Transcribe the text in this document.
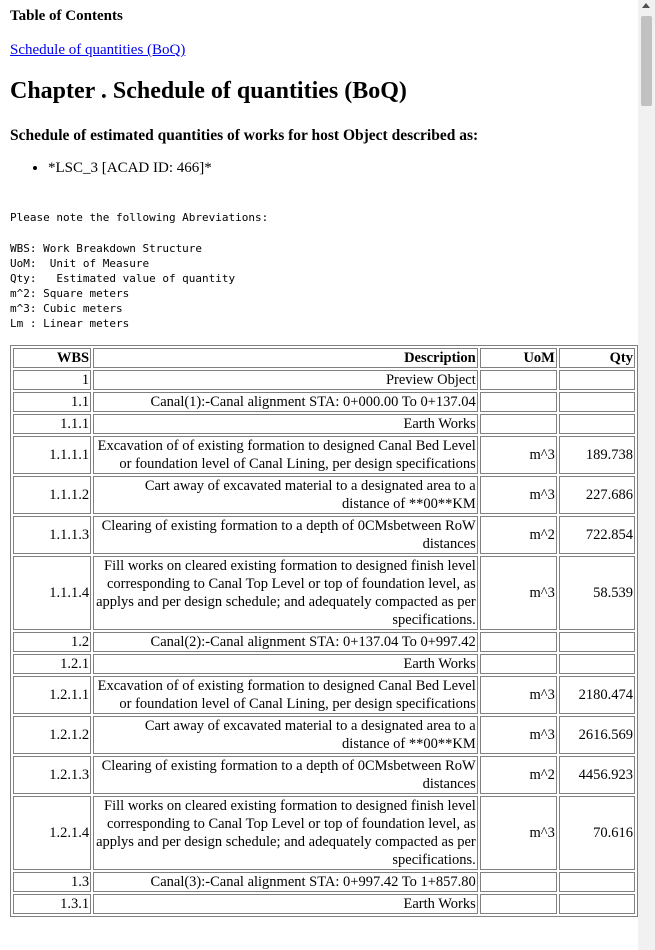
Table of Contents
Schedule of quantities (BoQ)
Chapter . Schedule of quantities (BoQ)
Schedule of estimated quantities of works for host Object described as:
• *LSC_3 [ACAD ID: 466]*
Please note the following Abreviations:
WBS: Work Breakdown Structure
UoM:  Unit of Measure
Qty:   Estimated value of quantity
m^2: Square meters
m^3: Cubic meters
Lm : Linear meters
WBS	Description	UoM	Qty
1	Preview Object		
1.1	Canal(1):-Canal alignment STA: 0+000.00 To 0+137.04		
1.1.1	Earth Works		
1.1.1.1	Excavation of of existing formation to designed Canal Bed Level or foundation level of Canal Lining, per design specifications	m^3	189.738
1.1.1.2	Cart away of excavated material to a designated area to a distance of **00**KM	m^3	227.686
1.1.1.3	Clearing of existing formation to a depth of 0CMsbetween RoW distances	m^2	722.854
1.1.1.4	Fill works on cleared existing formation to designed finish level corresponding to Canal Top Level or top of foundation level, as applys and per design schedule; and adequately compacted as per specifications.	m^3	58.539
1.2	Canal(2):-Canal alignment STA: 0+137.04 To 0+997.42		
1.2.1	Earth Works		
1.2.1.1	Excavation of of existing formation to designed Canal Bed Level or foundation level of Canal Lining, per design specifications	m^3	2180.474
1.2.1.2	Cart away of excavated material to a designated area to a distance of **00**KM	m^3	2616.569
1.2.1.3	Clearing of existing formation to a depth of 0CMsbetween RoW distances	m^2	4456.923
1.2.1.4	Fill works on cleared existing formation to designed finish level corresponding to Canal Top Level or top of foundation level, as applys and per design schedule; and adequately compacted as per specifications.	m^3	70.616
1.3	Canal(3):-Canal alignment STA: 0+997.42 To 1+857.80		
1.3.1	Earth Works		
